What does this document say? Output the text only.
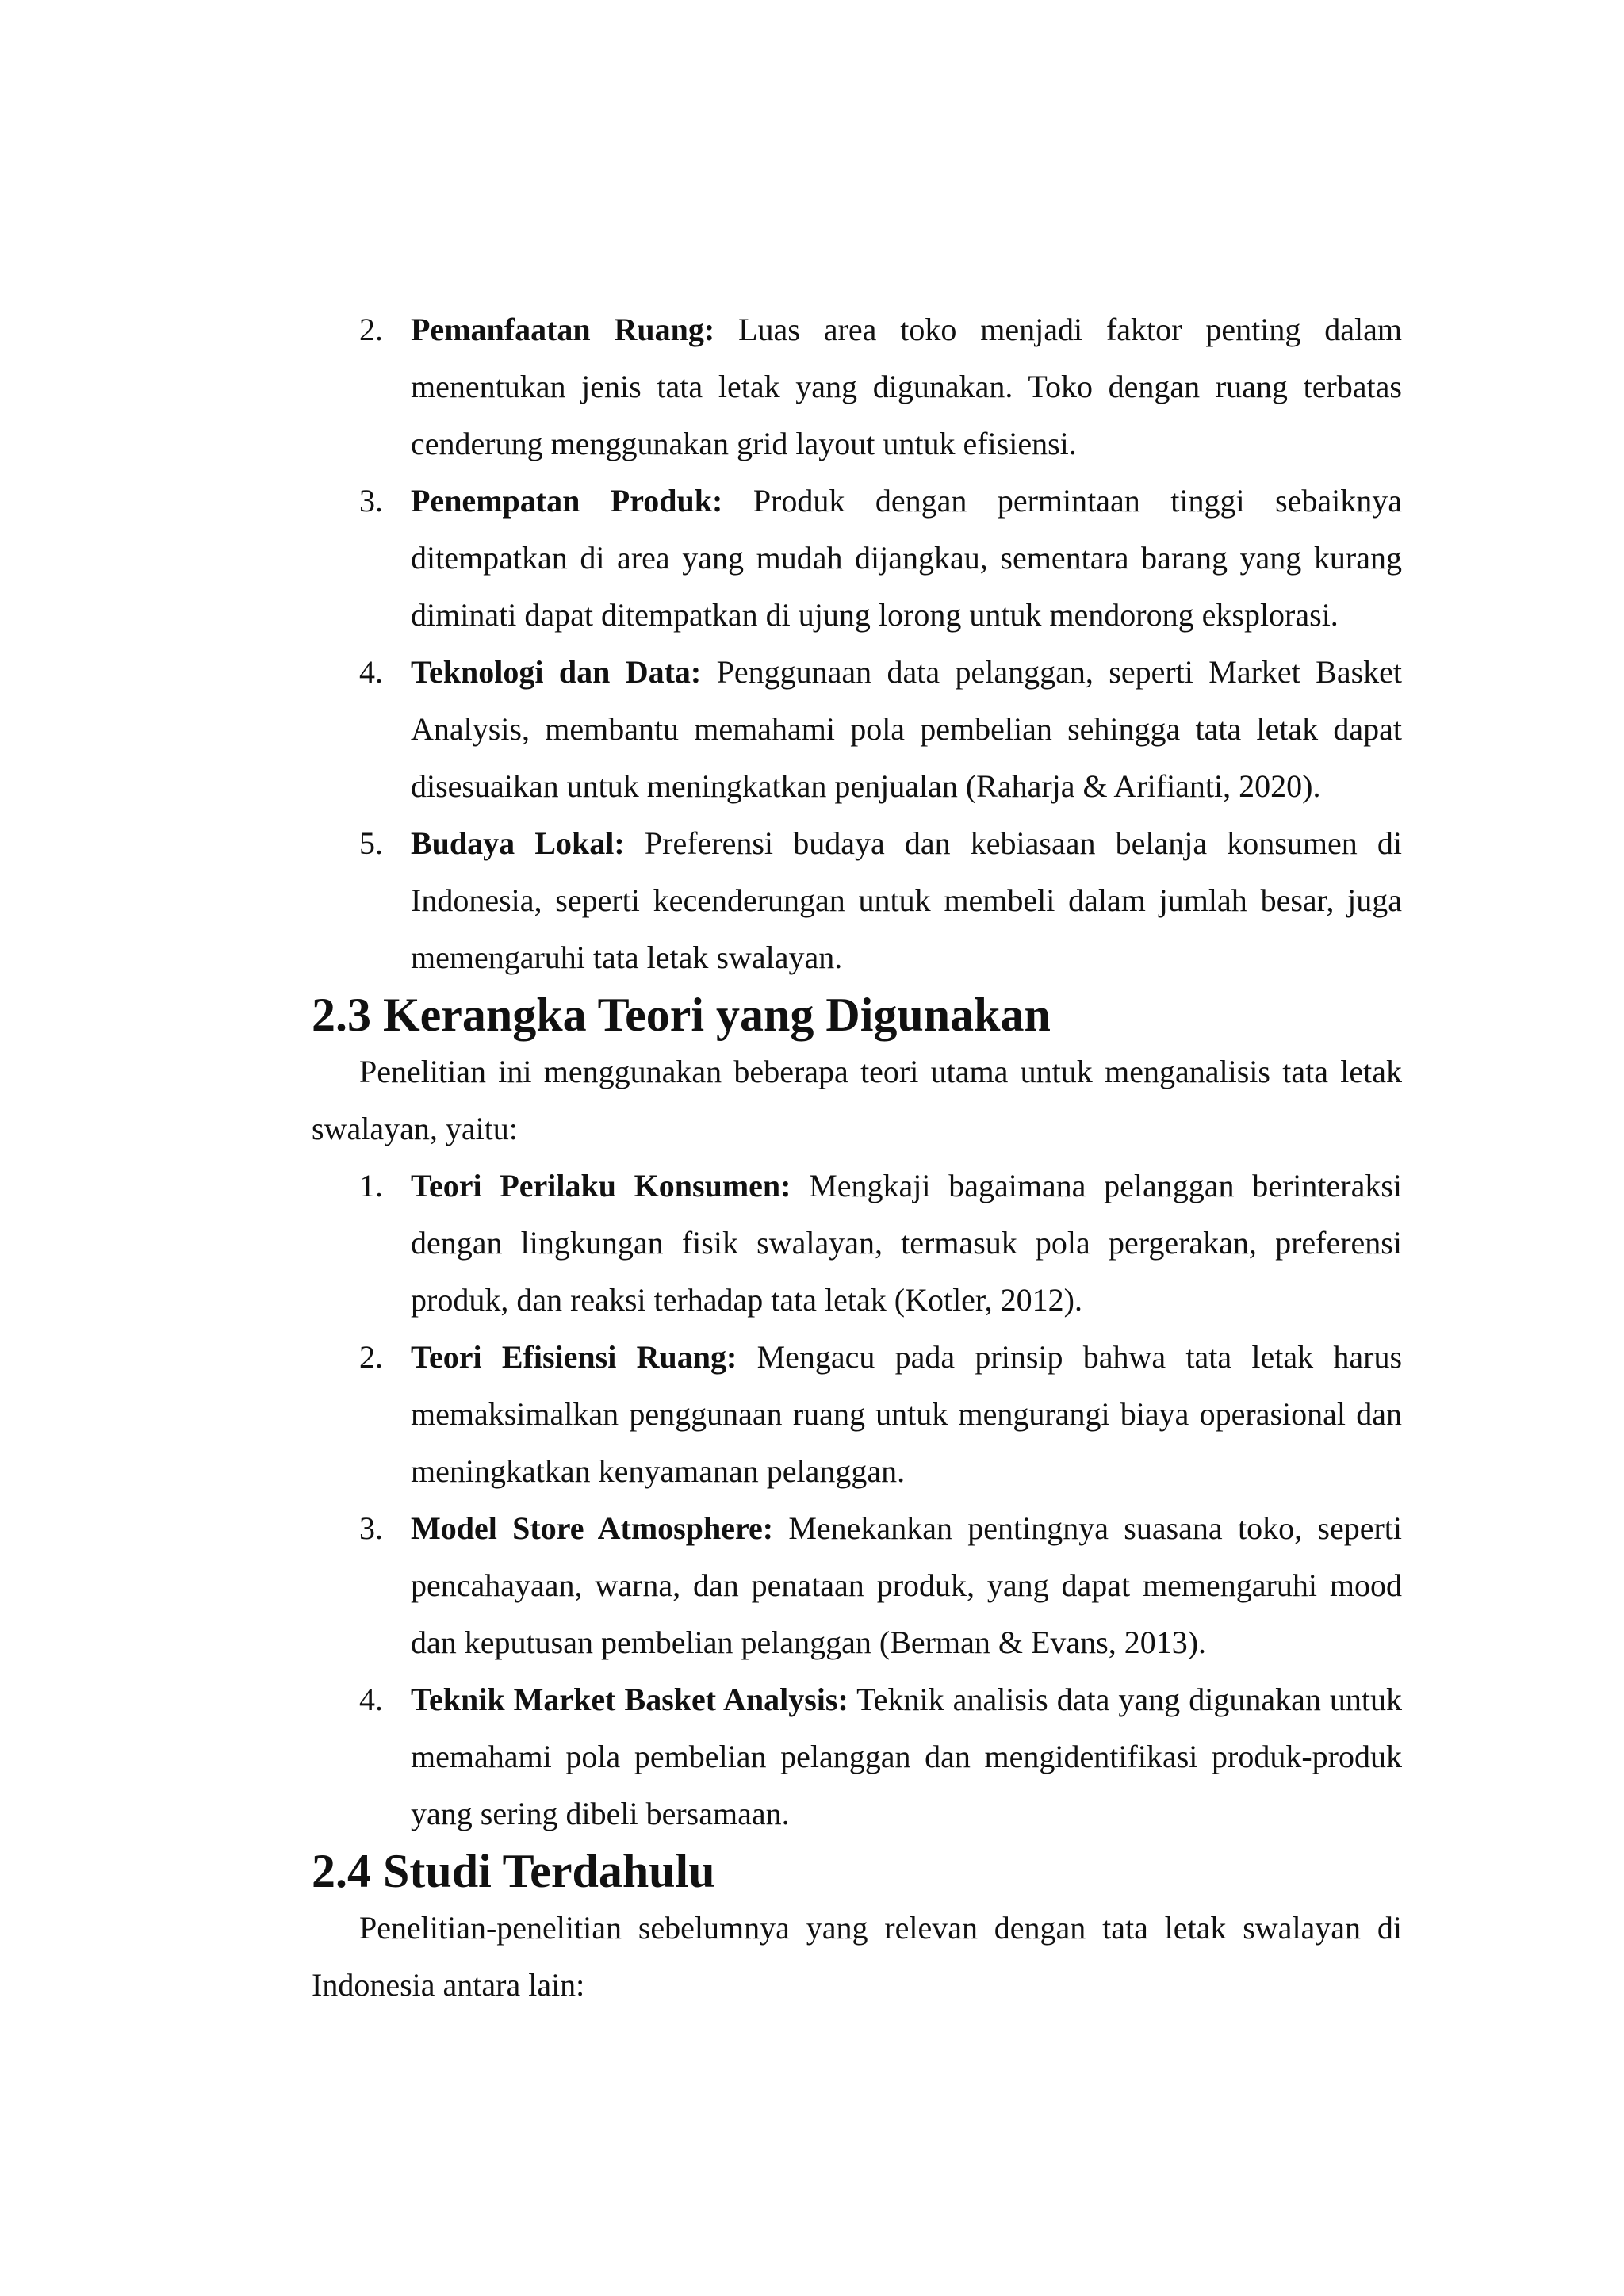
2. Pemanfaatan Ruang: Luas area toko menjadi faktor penting dalam menentukan jenis tata letak yang digunakan. Toko dengan ruang terbatas cenderung menggunakan grid layout untuk efisiensi.
3. Penempatan Produk: Produk dengan permintaan tinggi sebaiknya ditempatkan di area yang mudah dijangkau, sementara barang yang kurang diminati dapat ditempatkan di ujung lorong untuk mendorong eksplorasi.
4. Teknologi dan Data: Penggunaan data pelanggan, seperti Market Basket Analysis, membantu memahami pola pembelian sehingga tata letak dapat disesuaikan untuk meningkatkan penjualan (Raharja & Arifianti, 2020).
5. Budaya Lokal: Preferensi budaya dan kebiasaan belanja konsumen di Indonesia, seperti kecenderungan untuk membeli dalam jumlah besar, juga memengaruhi tata letak swalayan.
2.3 Kerangka Teori yang Digunakan

Penelitian ini menggunakan beberapa teori utama untuk menganalisis tata letak swalayan, yaitu:

1. Teori Perilaku Konsumen: Mengkaji bagaimana pelanggan berinteraksi dengan lingkungan fisik swalayan, termasuk pola pergerakan, preferensi produk, dan reaksi terhadap tata letak (Kotler, 2012).
2. Teori Efisiensi Ruang: Mengacu pada prinsip bahwa tata letak harus memaksimalkan penggunaan ruang untuk mengurangi biaya operasional dan meningkatkan kenyamanan pelanggan.
3. Model Store Atmosphere: Menekankan pentingnya suasana toko, seperti pencahayaan, warna, dan penataan produk, yang dapat memengaruhi mood dan keputusan pembelian pelanggan (Berman & Evans, 2013).
4. Teknik Market Basket Analysis: Teknik analisis data yang digunakan untuk memahami pola pembelian pelanggan dan mengidentifikasi produk-produk yang sering dibeli bersamaan.
2.4 Studi Terdahulu

Penelitian-penelitian sebelumnya yang relevan dengan tata letak swalayan di Indonesia antara lain:
